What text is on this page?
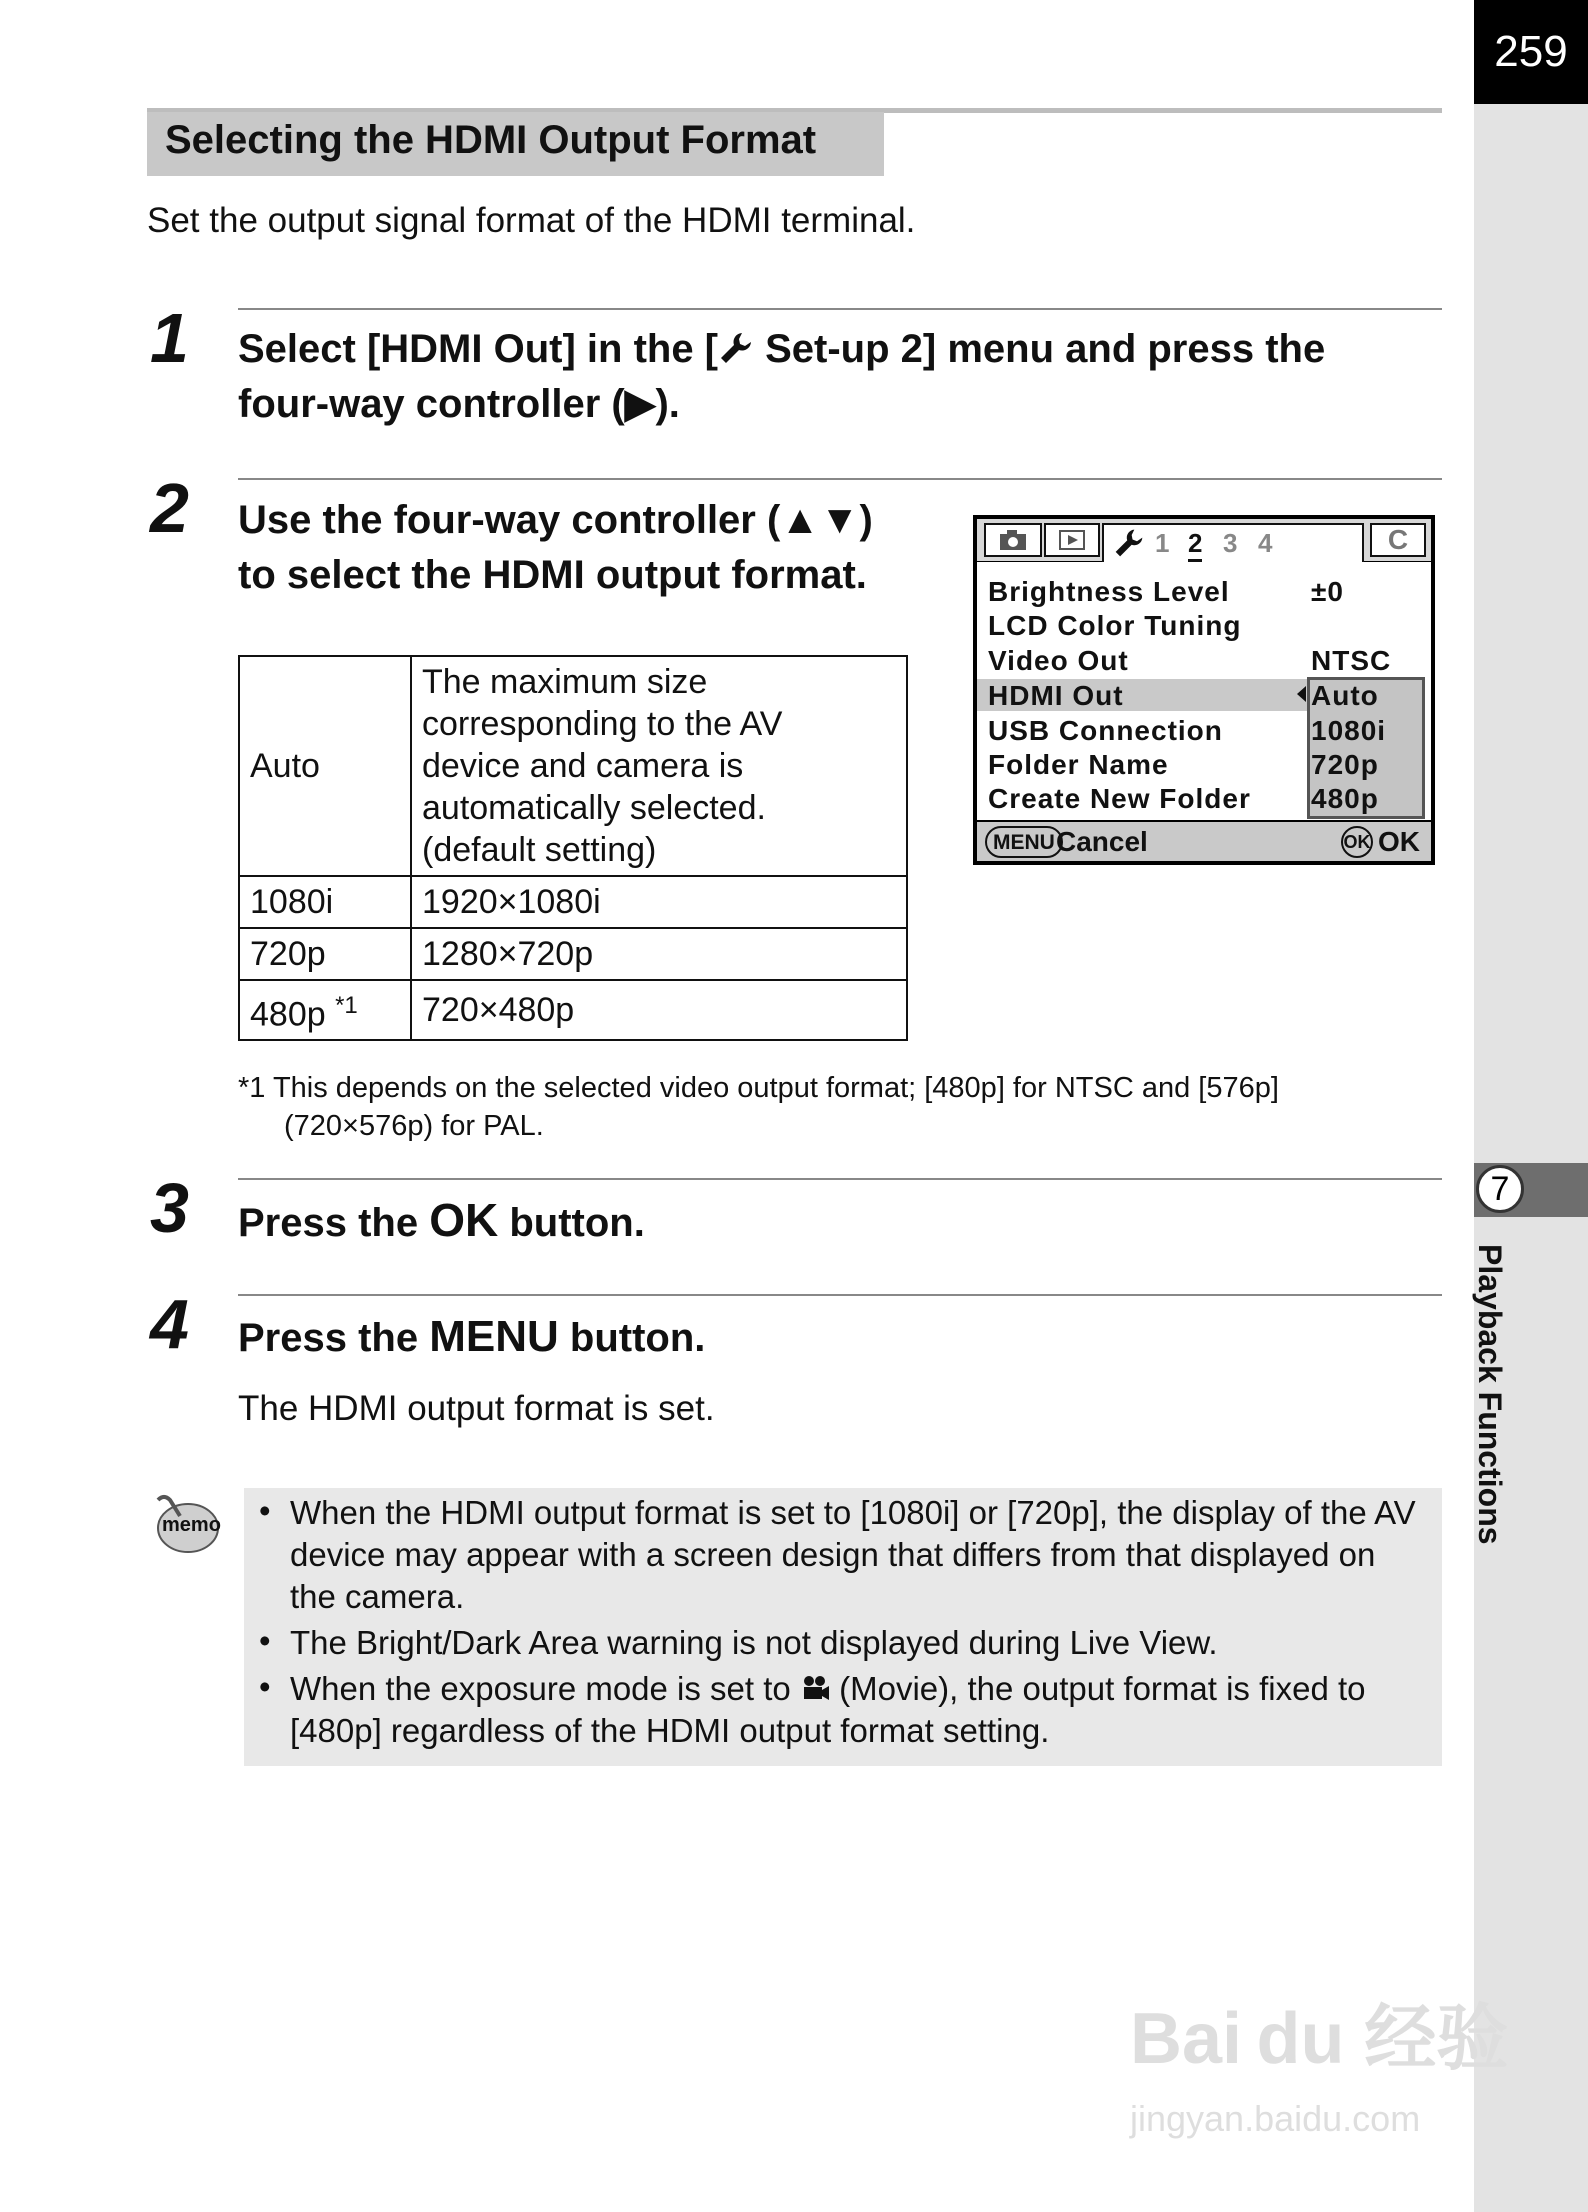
259
7
Playback Functions
Selecting the HDMI Output Format
Set the output signal format of the HDMI terminal.
1 Select [HDMI Out] in the [ Set-up 2] menu and press the
four-way controller (▶).
2 Use the four-way controller (▲▼)
to select the HDMI output format.
Auto	The maximum size
corresponding to the AV
device and camera is
automatically selected.
(default setting)

1080i	1920×1080i
720p	1280×720p
480p $^{*1}$	720×480p
*1 This depends on the selected video output format; [480p] for NTSC and [576p]
(720×576p) for PAL.
1 2 3 4	C
Brightness Level	±0
LCD Color Tuning
Video Out	NTSC
HDMI Out
USB Connection
Folder Name
Create New Folder
Auto
1080i
720p
480p
MENU Cancel	OK OK
3 Press the OK button.
4 Press the MENU button.
The HDMI output format is set.
memo • When the HDMI output format is set to [1080i] or [720p], the display of the AV
device may appear with a screen design that differs from that displayed on
the camera.
• The Bright/Dark Area warning is not displayed during Live View.
• When the exposure mode is set to  (Movie), the output format is fixed to
[480p] regardless of the HDMI output format setting.
Bai du 经验
jingyan.baidu.com
